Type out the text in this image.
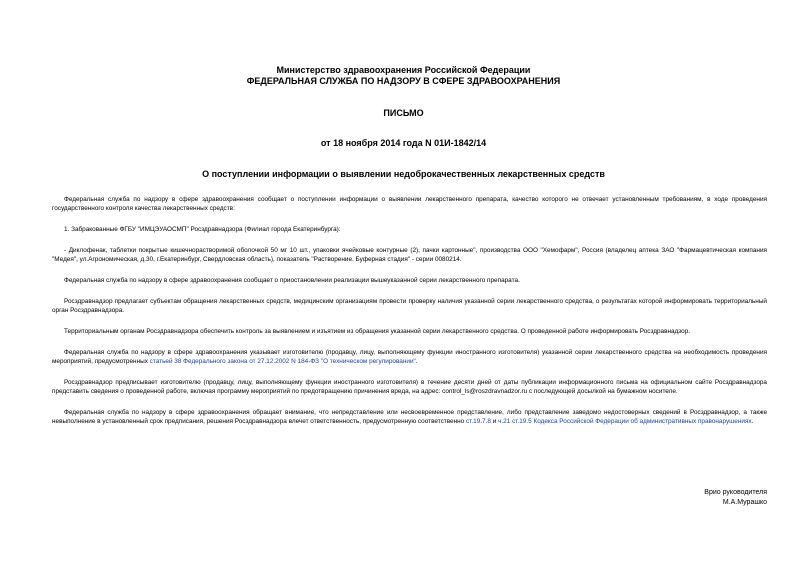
Министерство здравоохранения Российской Федерации
ФЕДЕРАЛЬНАЯ СЛУЖБА ПО НАДЗОРУ В СФЕРЕ ЗДРАВООХРАНЕНИЯ
ПИСЬМО
от 18 ноября 2014 года N 01И-1842/14
О поступлении информации о выявлении недоброкачественных лекарственных средств

Федеральная служба по надзору в сфере здравоохранения сообщает о поступлении информации о выявлении лекарственного препарата, качество которого не отвечает установленным требованиям, в ходе проведения государственного контроля качества лекарственных средств:

1. Забракованные ФГБУ "ИМЦЭУАОСМП" Росздравнадзора (Филиал города Екатеринбурга):

- Диклофенак, таблетки покрытые кишечнорастворимой оболочкой 50 мг 10 шт., упаковки ячейковые контурные (2), пачки картонные", производства ООО "Хемофарм", Россия (владелец аптека ЗАО "Фармацевтическая компания "Медея", ул.Агрономическая, д.30, г.Екатеринбург, Свердловская область), показатель "Растворение. Буферная стадия" - серии 0080214.

Федеральная служба по надзору в сфере здравоохранения сообщает о приостановлении реализации вышеуказанной серии лекарственного препарата.

Росздравнадзор предлагает субъектам обращения лекарственных средств, медицинским организациям провести проверку наличия указанной серии лекарственного средства, о результатах которой информировать территориальный орган Росздравнадзора.

Территориальным органам Росздравнадзора обеспечить контроль за выявлением и изъятием из обращения указанной серии лекарственного средства. О проведенной работе информировать Росздравнадзор.

Федеральная служба по надзору в сфере здравоохранения указывает изготовителю (продавцу, лицу, выполняющему функции иностранного изготовителя) указанной серии лекарственного средства на необходимость проведения мероприятий, предусмотренных статьей 38 Федерального закона от 27.12.2002 N 184-ФЗ "О техническом регулировании".

Росздравнадзор предписывает изготовителю (продавцу, лицу, выполняющему функции иностранного изготовителя) в течение десяти дней от даты публикации информационного письма на официальном сайте Росздравнадзора представить сведения о проведенной работе, включая программу мероприятий по предотвращению причинения вреда, на адрес: control_ls@roszdravnadzor.ru с последующей досылкой на бумажном носителе.

Федеральная служба по надзору в сфере здравоохранения обращает внимание, что непредставление или несвоевременное представление, либо представление заведомо недостоверных сведений в Росздравнадзор, а также невыполнение в установленный срок предписания, решения Росздравнадзора влечет ответственность, предусмотренную соответственно ст.19.7.8 и ч.21 ст.19.5 Кодекса Российской Федерации об административных правонарушениях.

Врио руководителя
М.А.Мурашко
